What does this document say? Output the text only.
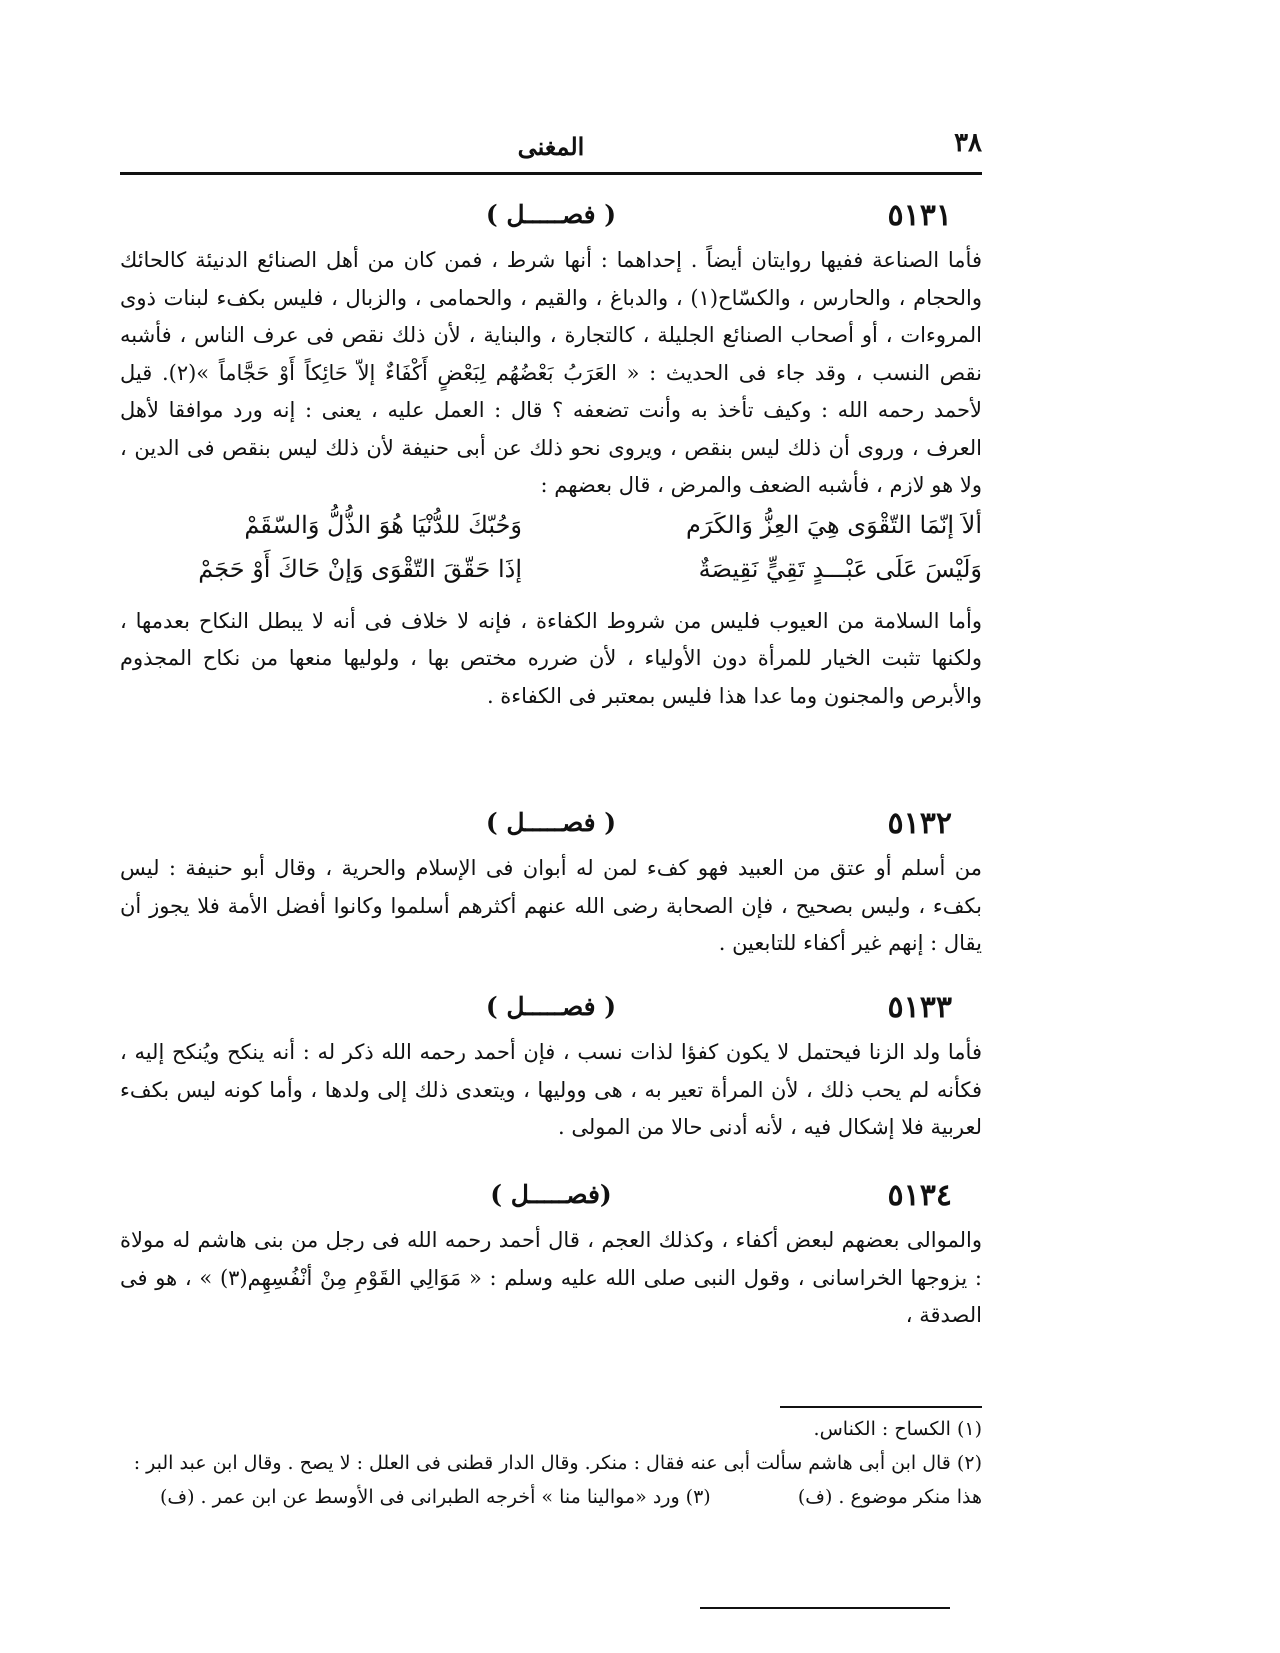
٣٨
المغنى
٥١٣١
( فصـــــل )
فأما الصناعة ففيها روايتان أيضاً . إحداهما : أنها شرط ، فمن كان من أهل الصنائع الدنيئة كالحائك والحجام ، والحارس ، والكسّاح(١) ، والدباغ ، والقيم ، والحمامى ، والزبال ، فليس بكفء لبنات ذوى المروءات ، أو أصحاب الصنائع الجليلة ، كالتجارة ، والبناية ، لأن ذلك نقص فى عرف الناس ، فأشبه نقص النسب ، وقد جاء فى الحديث : « العَرَبُ بَعْضُهُم لِبَعْضٍ أَكْفَاءٌ إلاّ حَائِكاً أَوْ حَجَّاماً »(٢). قيل لأحمد رحمه الله : وكيف تأخذ به وأنت تضعفه ؟ قال : العمل عليه ، يعنى : إنه ورد موافقا لأهل العرف ، وروى أن ذلك ليس بنقص ، ويروى نحو ذلك عن أبى حنيفة لأن ذلك ليس بنقص فى الدين ، ولا هو لازم ، فأشبه الضعف والمرض ، قال بعضهم :
ألاَ إنّمَا التّقْوَى هِيَ العِزُّ وَالكَرَم
وَحُبّكَ للدُّنْيَا هُوَ الذُّلُّ وَالسّقَمْ
وَلَيْسَ عَلَى عَبْـــدٍ تَقِيٍّ نَقِيصَةٌ
إذَا حَقّقَ التّقْوَى وَإنْ حَاكَ أَوْ حَجَمْ
وأما السلامة من العيوب فليس من شروط الكفاءة ، فإنه لا خلاف فى أنه لا يبطل النكاح بعدمها ، ولكنها تثبت الخيار للمرأة دون الأولياء ، لأن ضرره مختص بها ، ولوليها منعها من نكاح المجذوم والأبرص والمجنون وما عدا هذا فليس بمعتبر فى الكفاءة .
٥١٣٢
( فصـــــل )
من أسلم أو عتق من العبيد فهو كفء لمن له أبوان فى الإسلام والحرية ، وقال أبو حنيفة : ليس بكفء ، وليس بصحيح ، فإن الصحابة رضى الله عنهم أكثرهم أسلموا وكانوا أفضل الأمة فلا يجوز أن يقال : إنهم غير أكفاء للتابعين .
٥١٣٣
( فصـــــل )
فأما ولد الزنا فيحتمل لا يكون كفؤا لذات نسب ، فإن أحمد رحمه الله ذكر له : أنه ينكح ويُنكح إليه ، فكأنه لم يحب ذلك ، لأن المرأة تعير به ، هى ووليها ، ويتعدى ذلك إلى ولدها ، وأما كونه ليس بكفء لعربية فلا إشكال فيه ، لأنه أدنى حالا من المولى .
٥١٣٤
(فصـــــل )
والموالى بعضهم لبعض أكفاء ، وكذلك العجم ، قال أحمد رحمه الله فى رجل من بنى هاشم له مولاة : يزوجها الخراسانى ، وقول النبى صلى الله عليه وسلم : « مَوَالِي القَوْمِ مِنْ أنْفُسِهِم(٣) » ، هو فى الصدقة ،
(١) الكساح : الكناس.
(٢) قال ابن أبى هاشم سألت أبى عنه فقال : منكر. وقال الدار قطنى فى العلل : لا يصح . وقال ابن عبد البر :
هذا منكر موضوع . (ف)
(٣) ورد «موالينا منا » أخرجه الطبرانى فى الأوسط عن ابن عمر . (ف)
